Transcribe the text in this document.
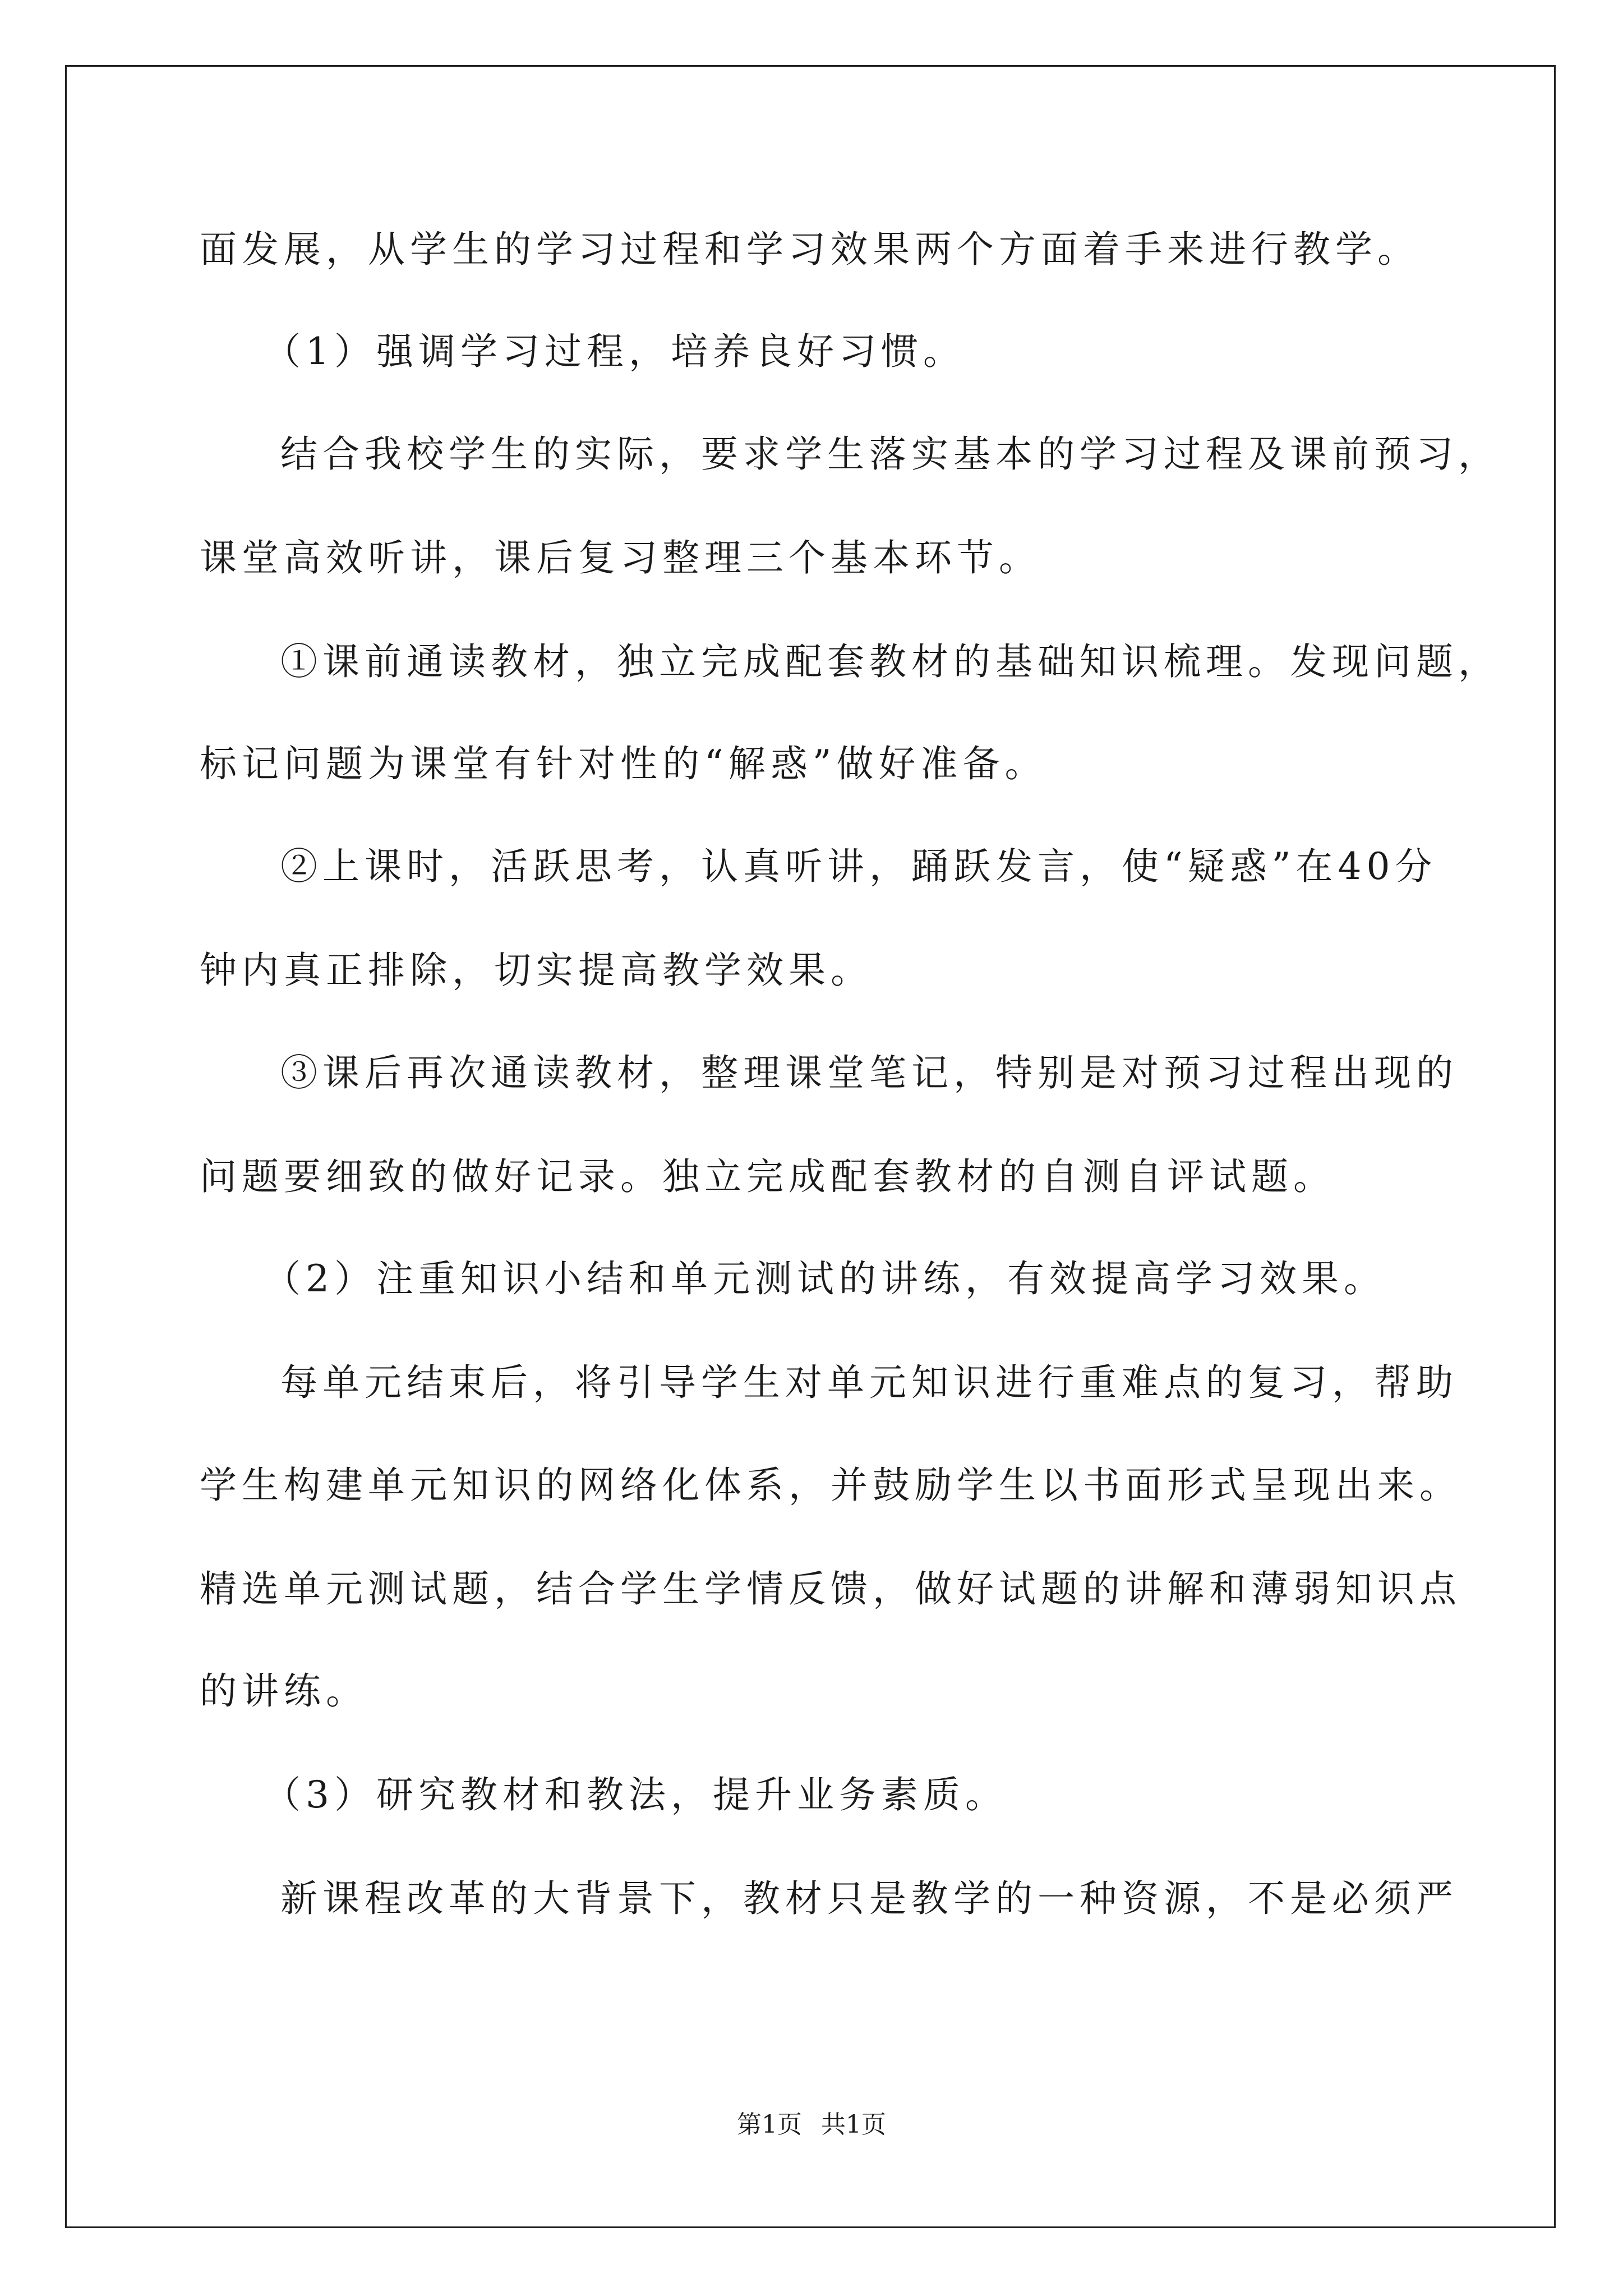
面发展，从学生的学习过程和学习效果两个方面着手来进行教学。
（1）强调学习过程，培养良好习惯。
结合我校学生的实际，要求学生落实基本的学习过程及课前预习，
课堂高效听讲，课后复习整理三个基本环节。
①课前通读教材，独立完成配套教材的基础知识梳理。发现问题，
标记问题为课堂有针对性的“解惑”做好准备。
②上课时，活跃思考，认真听讲，踊跃发言，使“疑惑”在40分
钟内真正排除，切实提高教学效果。
③课后再次通读教材，整理课堂笔记，特别是对预习过程出现的
问题要细致的做好记录。独立完成配套教材的自测自评试题。
（2）注重知识小结和单元测试的讲练，有效提高学习效果。
每单元结束后，将引导学生对单元知识进行重难点的复习，帮助
学生构建单元知识的网络化体系，并鼓励学生以书面形式呈现出来。
精选单元测试题，结合学生学情反馈，做好试题的讲解和薄弱知识点
的讲练。
（3）研究教材和教法，提升业务素质。
新课程改革的大背景下，教材只是教学的一种资源，不是必须严
第1页 共1页
